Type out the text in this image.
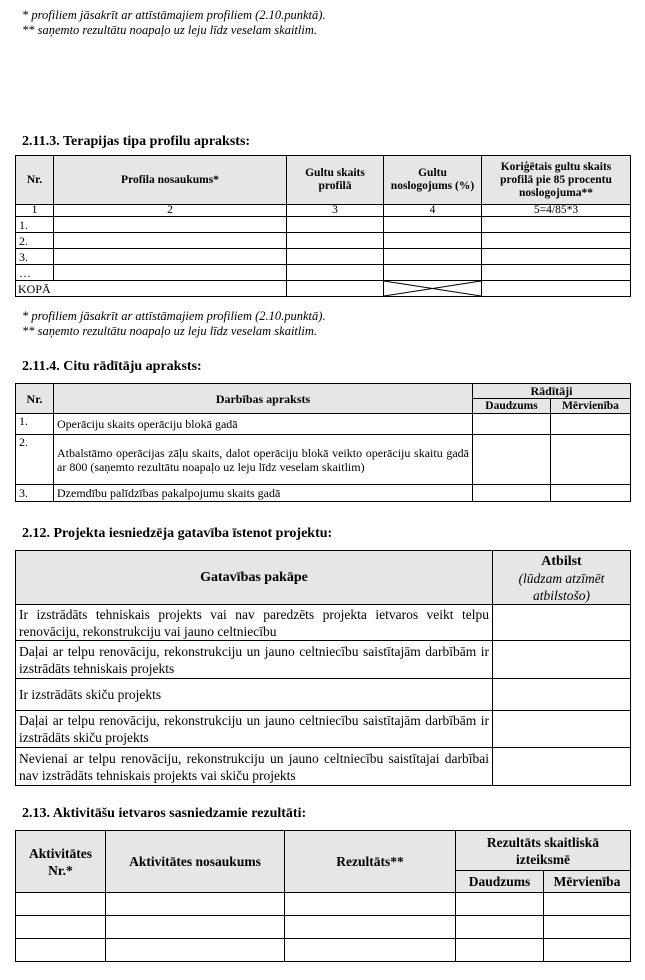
* profiliem jāsakrīt ar attīstāmajiem profiliem (2.10.punktā).
** saņemto rezultātu noapaļo uz leju līdz veselam skaitlim.
2.11.3. Terapijas tipa profilu apraksts:
Nr.	Profila nosaukums*	Gultu skaits profilā	Gultu noslogojums (%)	Koriģētais gultu skaits profilā pie 85 procentu noslogojuma**
1	2	3	4	5=4/85*3
1.				
2.				
3.				
…				
KOPĀ		

* profiliem jāsakrīt ar attīstāmajiem profiliem (2.10.punktā).
** saņemto rezultātu noapaļo uz leju līdz veselam skaitlim.
2.11.4. Citu rādītāju apraksts:
Nr.	Darbības apraksts	Rādītāji	
		Daudzums	Mērvienība
1.	Operāciju skaits operāciju blokā gadā		
2.	Atbalstāmo operācijas zāļu skaits, dalot operāciju blokā veikto operāciju skaitu gadā ar 800 (saņemto rezultātu noapaļo uz leju līdz veselam skaitlim)		
3.	Dzemdību palīdzības pakalpojumu skaits gadā		
2.12. Projekta iesniedzēja gatavība īstenot projektu:
Gatavības pakāpe	Atbilst
(lūdzam atzīmēt atbilstošo)

Ir izstrādāts tehniskais projekts vai nav paredzēts projekta ietvaros veikt telpu renovāciju, rekonstrukciju vai jauno celtniecību	
Daļai ar telpu renovāciju, rekonstrukciju un jauno celtniecību saistītajām darbībām ir izstrādāts tehniskais projekts	
Ir izstrādāts skiču projekts	
Daļai ar telpu renovāciju, rekonstrukciju un jauno celtniecību saistītajām darbībām ir izstrādāts skiču projekts	
Nevienai ar telpu renovāciju, rekonstrukciju un jauno celtniecību saistītajai darbībai nav izstrādāts tehniskais projekts vai skiču projekts	
2.13. Aktivitāšu ietvaros sasniedzamie rezultāti:
Aktivitātes Nr.*	Aktivitātes nosaukums	Rezultāts**	Rezultāts skaitliskā izteiksmē	
			Daudzums	Mērvienība
